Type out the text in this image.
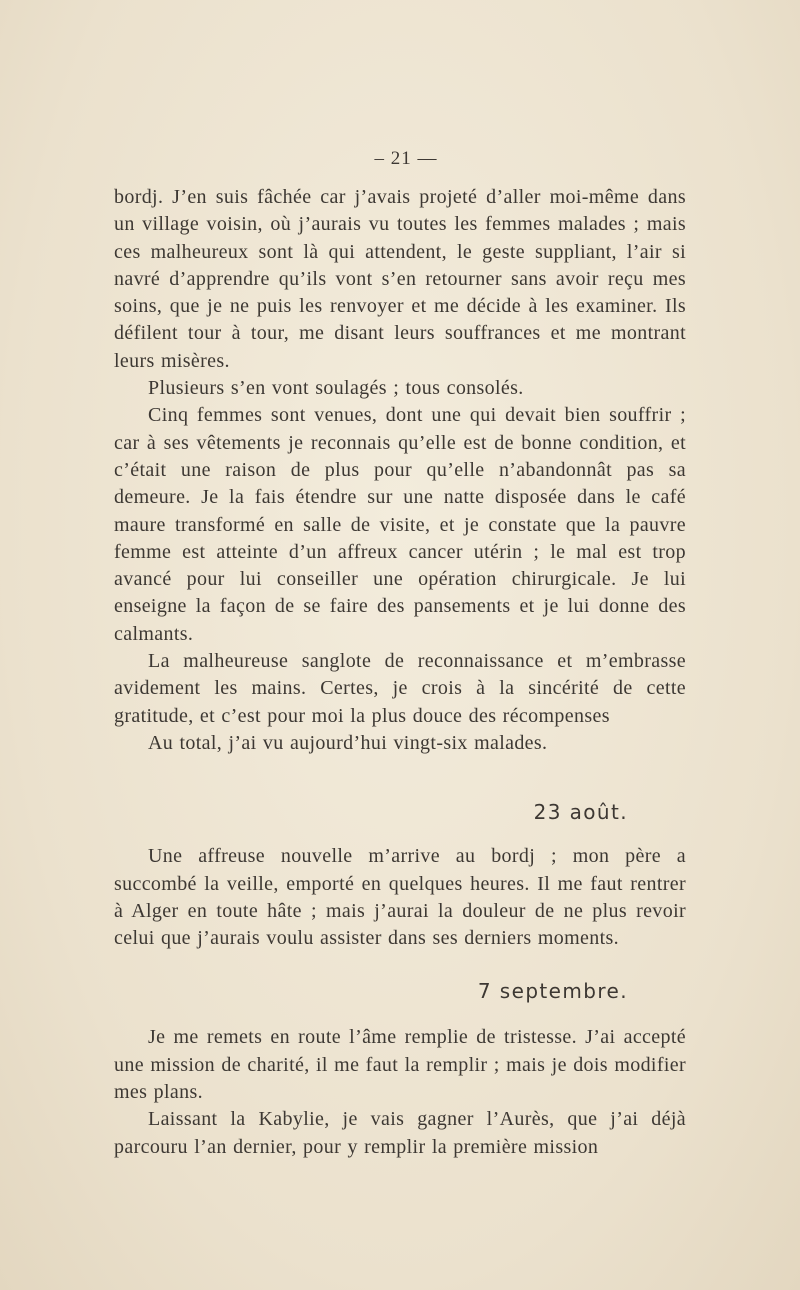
– 21 —

bordj. J’en suis fâchée car j’avais projeté d’aller moi-même dans un village voisin, où j’aurais vu toutes les femmes malades ; mais ces malheureux sont là qui attendent, le geste suppliant, l’air si navré d’apprendre qu’ils vont s’en retourner sans avoir reçu mes soins, que je ne puis les renvoyer et me décide à les examiner. Ils défilent tour à tour, me disant leurs souffrances et me montrant leurs misères.

Plusieurs s’en vont soulagés ; tous consolés.

Cinq femmes sont venues, dont une qui devait bien souffrir ; car à ses vêtements je reconnais qu’elle est de bonne condition, et c’était une raison de plus pour qu’elle n’abandonnât pas sa demeure. Je la fais étendre sur une natte disposée dans le café maure transformé en salle de visite, et je constate que la pauvre femme est atteinte d’un affreux cancer utérin ; le mal est trop avancé pour lui conseiller une opération chirurgicale. Je lui enseigne la façon de se faire des pansements et je lui donne des calmants.

La malheureuse sanglote de reconnaissance et m’embrasse avidement les mains. Certes, je crois à la sincérité de cette gratitude, et c’est pour moi la plus douce des récompenses

Au total, j’ai vu aujourd’hui vingt-six malades.

23 août.

Une affreuse nouvelle m’arrive au bordj ; mon père a succombé la veille, emporté en quelques heures. Il me faut rentrer à Alger en toute hâte ; mais j’aurai la douleur de ne plus revoir celui que j’aurais voulu assister dans ses derniers moments.

7 septembre.

Je me remets en route l’âme remplie de tristesse. J’ai accepté une mission de charité, il me faut la remplir ; mais je dois modifier mes plans.

Laissant la Kabylie, je vais gagner l’Aurès, que j’ai déjà parcouru l’an dernier, pour y remplir la première mission
